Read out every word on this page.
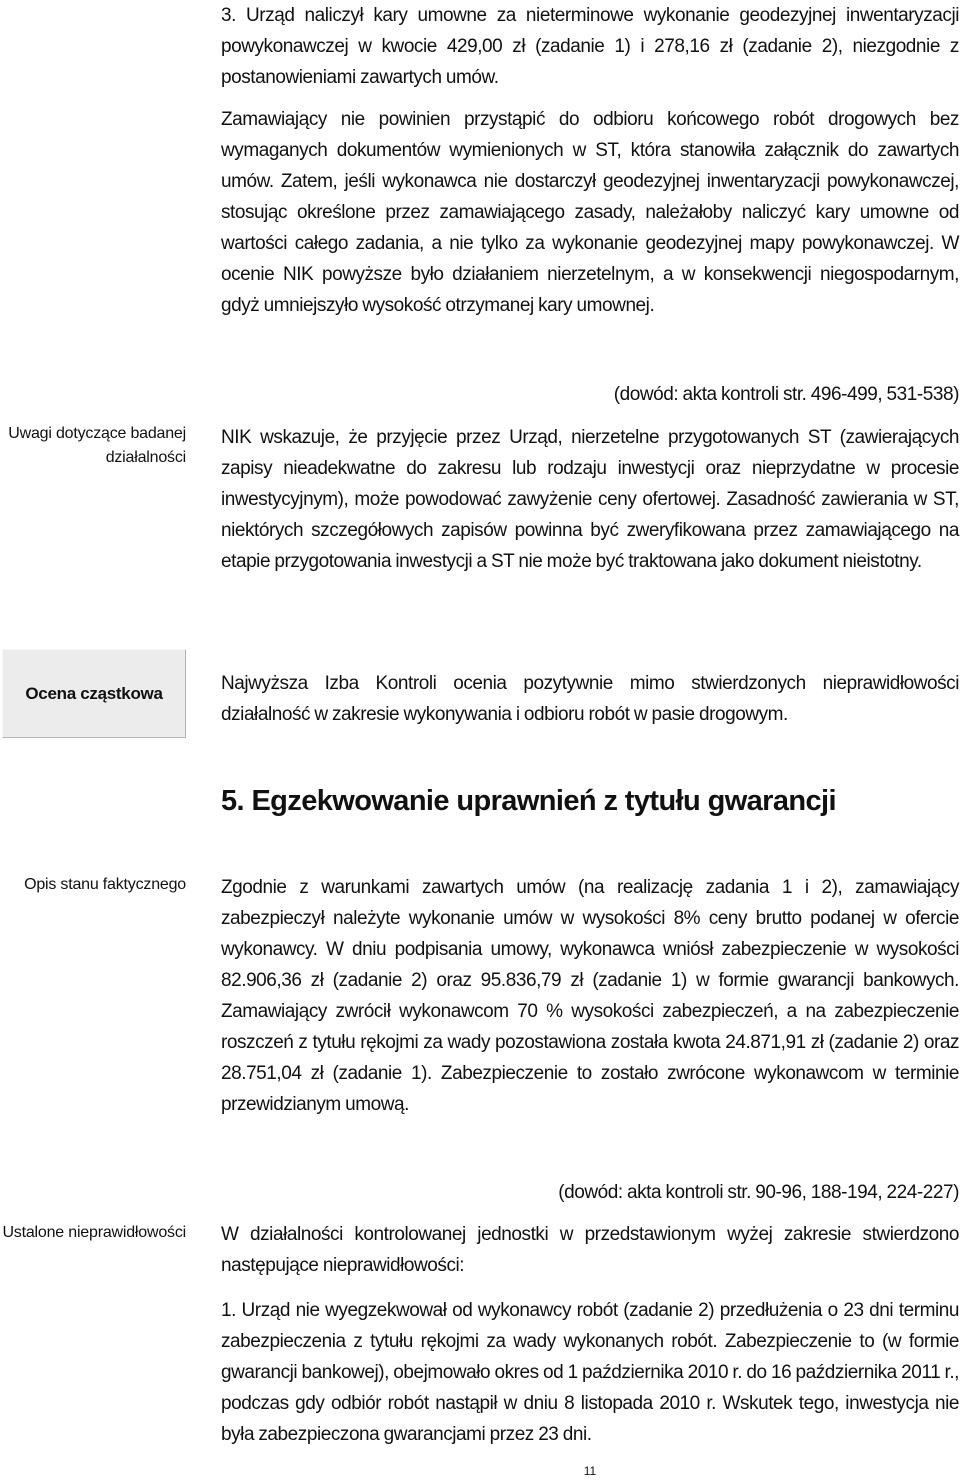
3. Urząd naliczył kary umowne za nieterminowe wykonanie geodezyjnej inwentaryzacji powykonawczej w kwocie 429,00 zł (zadanie 1) i 278,16 zł (zadanie 2), niezgodnie z postanowieniami zawartych umów.

Zamawiający nie powinien przystąpić do odbioru końcowego robót drogowych bez wymaganych dokumentów wymienionych w ST, która stanowiła załącznik do zawartych umów. Zatem, jeśli wykonawca nie dostarczył geodezyjnej inwentaryzacji powykonawczej, stosując określone przez zamawiającego zasady, należałoby naliczyć kary umowne od wartości całego zadania, a nie tylko za wykonanie geodezyjnej mapy powykonawczej. W ocenie NIK powyższe było działaniem nierzetelnym, a w konsekwencji niegospodarnym, gdyż umniejszyło wysokość otrzymanej kary umownej.

(dowód: akta kontroli str. 496-499, 531-538)

Uwagi dotyczące badanej działalności

NIK wskazuje, że przyjęcie przez Urząd, nierzetelne przygotowanych ST (zawierających zapisy nieadekwatne do zakresu lub rodzaju inwestycji oraz nieprzydatne w procesie inwestycyjnym), może powodować zawyżenie ceny ofertowej. Zasadność zawierania w ST, niektórych szczegółowych zapisów powinna być zweryfikowana przez zamawiającego na etapie przygotowania inwestycji a ST nie może być traktowana jako dokument nieistotny.

Ocena cząstkowa	Najwyższa Izba Kontroli ocenia pozytywnie mimo stwierdzonych nieprawidłowości działalność w zakresie wykonywania i odbioru robót w pasie drogowym.

5. Egzekwowanie uprawnień z tytułu gwarancji
Opis stanu faktycznego Zgodnie z warunkami zawartych umów (na realizację zadania 1 i 2), zamawiający zabezpieczył należyte wykonanie umów w wysokości 8% ceny brutto podanej w ofercie wykonawcy. W dniu podpisania umowy, wykonawca wniósł zabezpieczenie w wysokości 82.906,36 zł (zadanie 2) oraz 95.836,79 zł (zadanie 1) w formie gwarancji bankowych. Zamawiający zwrócił wykonawcom 70 % wysokości zabezpieczeń, a na zabezpieczenie roszczeń z tytułu rękojmi za wady pozostawiona została kwota 24.871,91 zł (zadanie 2) oraz 28.751,04 zł (zadanie 1). Zabezpieczenie to zostało zwrócone wykonawcom w terminie przewidzianym umową.

(dowód: akta kontroli str. 90-96, 188-194, 224-227)

Ustalone nieprawidłowości W działalności kontrolowanej jednostki w przedstawionym wyżej zakresie stwierdzono następujące nieprawidłowości:

1. Urząd nie wyegzekwował od wykonawcy robót (zadanie 2) przedłużenia o 23 dni terminu zabezpieczenia z tytułu rękojmi za wady wykonanych robót. Zabezpieczenie to (w formie gwarancji bankowej), obejmowało okres od 1 października 2010 r. do 16 października 2011 r., podczas gdy odbiór robót nastąpił w dniu 8 listopada 2010 r. Wskutek tego, inwestycja nie była zabezpieczona gwarancjami przez 23 dni.

11
